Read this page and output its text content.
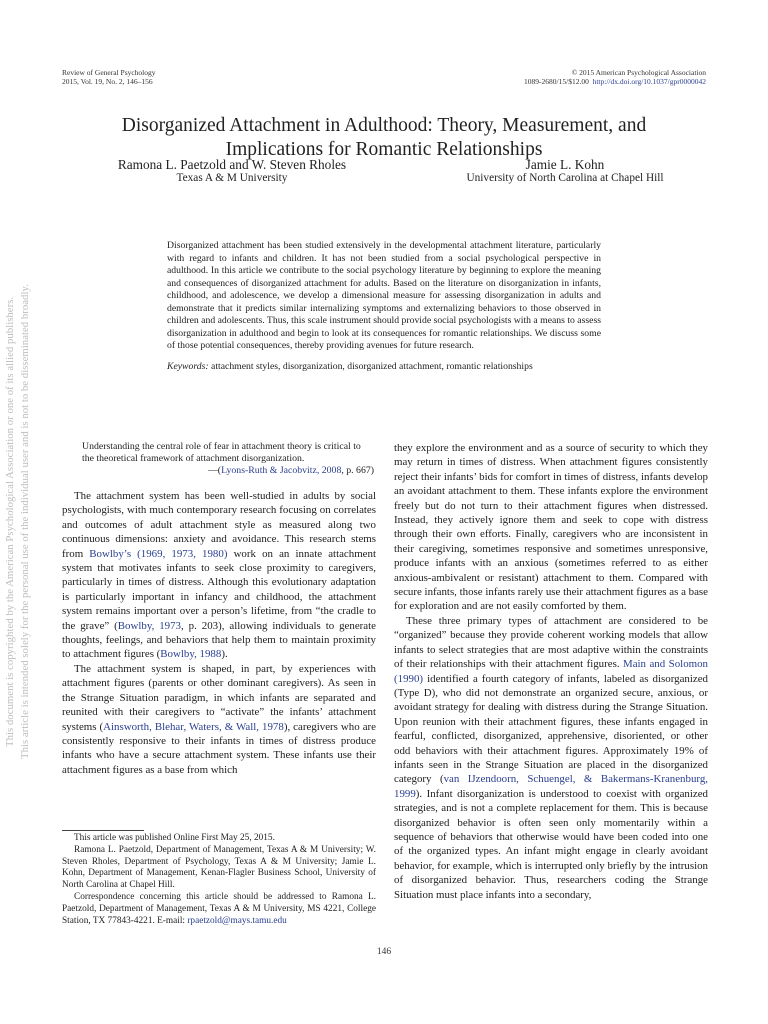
This document is copyrighted by the American Psychological Association or one of its allied publishers. This article is intended solely for the personal use of the individual user and is not to be disseminated broadly.
Review of General Psychology
2015, Vol. 19, No. 2, 146–156
© 2015 American Psychological Association
1089-2680/15/$12.00 http://dx.doi.org/10.1037/gpr0000042
Disorganized Attachment in Adulthood: Theory, Measurement, and
Implications for Romantic Relationships
Ramona L. Paetzold and W. Steven Rholes
Texas A & M University
Jamie L. Kohn
University of North Carolina at Chapel Hill

Disorganized attachment has been studied extensively in the developmental attachment literature, particularly with regard to infants and children. It has not been studied from a social psychological perspective in adulthood. In this article we contribute to the social psychology literature by beginning to explore the meaning and consequences of disorganized attachment for adults. Based on the literature on disorganization in infants, childhood, and adolescence, we develop a dimensional measure for assessing disorganization in adults and demonstrate that it predicts similar internalizing symptoms and externalizing behaviors to those observed in children and adolescents. Thus, this scale instrument should provide social psychologists with a means to assess disorganization in adulthood and begin to look at its consequences for romantic relationships. We discuss some of those potential consequences, thereby providing avenues for future research.

Keywords: attachment styles, disorganization, disorganized attachment, romantic relationships

Understanding the central role of fear in attachment theory is critical to the theoretical framework of attachment disorganization.

—(Lyons-Ruth & Jacobvitz, 2008, p. 667)

The attachment system has been well-studied in adults by social psychologists, with much contemporary research focusing on correlates and outcomes of adult attachment style as measured along two continuous dimensions: anxiety and avoidance. This research stems from Bowlby’s (1969, 1973, 1980) work on an innate attachment system that motivates infants to seek close proximity to caregivers, particularly in times of distress. Although this evolutionary adaptation is particularly important in infancy and childhood, the attachment system remains important over a person’s lifetime, from “the cradle to the grave” (Bowlby, 1973, p. 203), allowing individuals to generate thoughts, feelings, and behaviors that help them to maintain proximity to attachment figures (Bowlby, 1988).

The attachment system is shaped, in part, by experiences with attachment figures (parents or other dominant caregivers). As seen in the Strange Situation paradigm, in which infants are separated and reunited with their caregivers to “activate” the infants’ attachment systems (Ainsworth, Blehar, Waters, & Wall, 1978), caregivers who are consistently responsive to their infants in times of distress produce infants who have a secure attachment system. These infants use their attachment figures as a base from which

This article was published Online First May 25, 2015.

Ramona L. Paetzold, Department of Management, Texas A & M University; W. Steven Rholes, Department of Psychology, Texas A & M University; Jamie L. Kohn, Department of Management, Kenan-Flagler Business School, University of North Carolina at Chapel Hill.

Correspondence concerning this article should be addressed to Ramona L. Paetzold, Department of Management, Texas A & M University, MS 4221, College Station, TX 77843-4221. E-mail: rpaetzold@mays.tamu.edu

they explore the environment and as a source of security to which they may return in times of distress. When attachment figures consistently reject their infants’ bids for comfort in times of distress, infants develop an avoidant attachment to them. These infants explore the environment freely but do not turn to their attachment figures when distressed. Instead, they actively ignore them and seek to cope with distress through their own efforts. Finally, caregivers who are inconsistent in their caregiving, sometimes responsive and sometimes unresponsive, produce infants with an anxious (sometimes referred to as either anxious-ambivalent or resistant) attachment to them. Compared with secure infants, those infants rarely use their attachment figures as a base for exploration and are not easily comforted by them.

These three primary types of attachment are considered to be “organized” because they provide coherent working models that allow infants to select strategies that are most adaptive within the constraints of their relationships with their attachment figures. Main and Solomon (1990) identified a fourth category of infants, labeled as disorganized (Type D), who did not demonstrate an organized secure, anxious, or avoidant strategy for dealing with distress during the Strange Situation. Upon reunion with their attachment figures, these infants engaged in fearful, conflicted, disorganized, apprehensive, disoriented, or other odd behaviors with their attachment figures. Approximately 19% of infants seen in the Strange Situation are placed in the disorganized category (van IJzendoorn, Schuengel, & Bakermans-Kranenburg, 1999). Infant disorganization is understood to coexist with organized strategies, and is not a complete replacement for them. This is because disorganized behavior is often seen only momentarily within a sequence of behaviors that otherwise would have been coded into one of the organized types. An infant might engage in clearly avoidant behavior, for example, which is interrupted only briefly by the intrusion of disorganized behavior. Thus, researchers coding the Strange Situation must place infants into a secondary,

146
